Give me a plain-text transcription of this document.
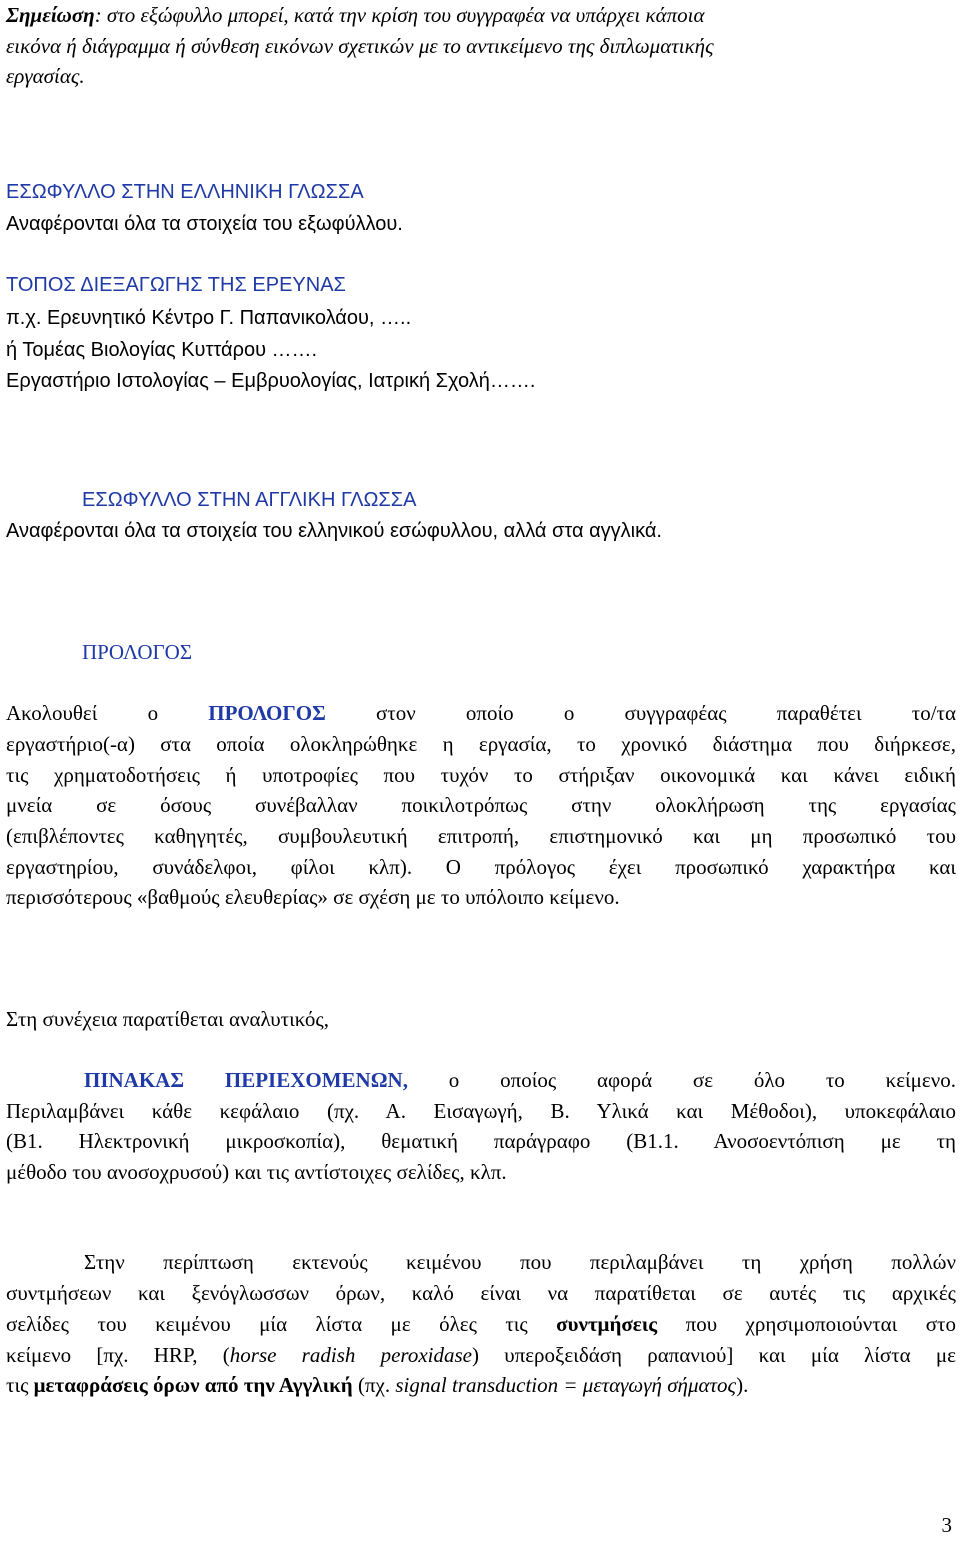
Σημείωση: στο εξώφυλλο μπορεί, κατά την κρίση του συγγραφέα να υπάρχει κάποια
εικόνα ή διάγραμμα ή σύνθεση εικόνων σχετικών με το αντικείμενο της διπλωματικής
εργασίας.
ΕΣΩΦΥΛΛΟ ΣΤΗΝ ΕΛΛΗΝΙΚΗ ΓΛΩΣΣΑ
Αναφέρονται όλα τα στοιχεία του εξωφύλλου.
ΤΟΠΟΣ ΔΙΕΞΑΓΩΓΗΣ ΤΗΣ ΕΡΕΥΝΑΣ
π.χ. Ερευνητικό Κέντρο Γ. Παπανικολάου, …..
ή Τομέας Βιολογίας Κυττάρου …….
Εργαστήριο Ιστολογίας – Εμβρυολογίας, Ιατρική Σχολή…….
ΕΣΩΦΥΛΛΟ ΣΤΗΝ ΑΓΓΛΙΚΗ ΓΛΩΣΣΑ
Αναφέρονται όλα τα στοιχεία του ελληνικού εσώφυλλου, αλλά στα αγγλικά.
ΠΡΟΛΟΓΟΣ
Ακολουθεί ο ΠΡΟΛΟΓΟΣ στον οποίο ο συγγραφέας παραθέτει το/τα
εργαστήριο(-α) στα οποία ολοκληρώθηκε η εργασία, το χρονικό διάστημα που διήρκεσε,
τις χρηματοδοτήσεις ή υποτροφίες που τυχόν το στήριξαν οικονομικά και κάνει ειδική
μνεία σε όσους συνέβαλλαν ποικιλοτρόπως στην ολοκλήρωση της εργασίας
(επιβλέποντες καθηγητές, συμβουλευτική επιτροπή, επιστημονικό και μη προσωπικό του
εργαστηρίου, συνάδελφοι, φίλοι κλπ). Ο πρόλογος έχει προσωπικό χαρακτήρα και
περισσότερους «βαθμούς ελευθερίας» σε σχέση με το υπόλοιπο κείμενο.
Στη συνέχεια παρατίθεται αναλυτικός,
ΠΙΝΑΚΑΣ ΠΕΡΙΕΧΟΜΕΝΩΝ, ο οποίος αφορά σε όλο το κείμενο.
Περιλαμβάνει κάθε κεφάλαιο (πχ. Α. Εισαγωγή, Β. Υλικά και Μέθοδοι), υποκεφάλαιο
(Β1. Ηλεκτρονική μικροσκοπία), θεματική παράγραφο (Β1.1. Ανοσοεντόπιση με τη
μέθοδο του ανοσοχρυσού) και τις αντίστοιχες σελίδες, κλπ.
Στην περίπτωση εκτενούς κειμένου που περιλαμβάνει τη χρήση πολλών
συντμήσεων και ξενόγλωσσων όρων, καλό είναι να παρατίθεται σε αυτές τις αρχικές
σελίδες του κειμένου μία λίστα με όλες τις συντμήσεις που χρησιμοποιούνται στο
κείμενο [πχ. HRP, (horse radish peroxidase) υπεροξειδάση ραπανιού] και μία λίστα με
τις μεταφράσεις όρων από την Αγγλική (πχ. signal transduction = μεταγωγή σήματος).
3
